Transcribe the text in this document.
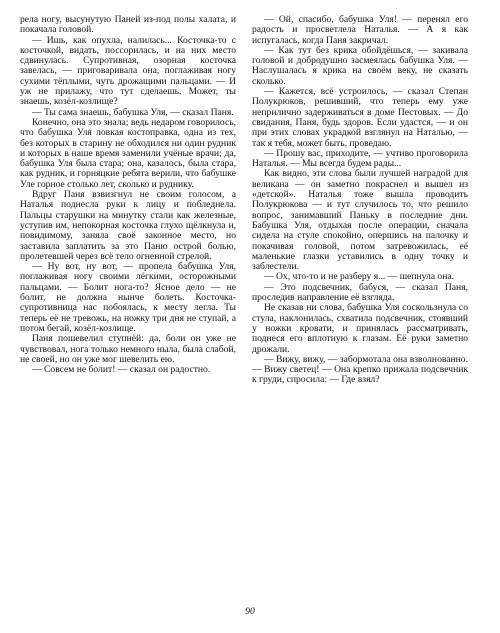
рела ногу, высунутую Паней из-под полы халата, и покачала головой.

— Ишь, как опухла, налилась... Косточка-то с косточкой, видать, поссорилась, и на них место сдвинулась. Супротивная, озорная косточка завелась, — приговаривала она, поглаживая ногу сухими тёплыми, чуть дрожащими пальцами. — И уж не прилажу, что тут сделаешь. Может, ты знаешь, козёл-козлище?

— Ты сама знаешь, бабушка Уля, — сказал Паня.

Конечно, она это знала; ведь недаром говорилось, что бабушка Уля ловкая костоправка, одна из тех, без которых в старину не обходился ни один рудник и которых в наше время заменили учёные врачи; да, бабушка Уля была стара; она, казалось, была стара, как рудник, и горняцкие ребята верили, что бабушке Уле горное столько лет, сколько и руднику.

Вдруг Паня взвизгнул не своим голосом, а Наталья поднесла руки к лицу и побледнела. Пальцы старушки на минутку стали как железные, уступив им, непокорная косточка глухо щёлкнула и, повидимому, заняла своё законное место, но заставила заплатить за это Паню острой болью, пролетевшей через всё тело огненной стрелой.

— Ну вот, ну вот, — пропела бабушка Уля, поглаживая ногу своими лёгкими, осторожными пальцами. — Болит нога-то? Ясное дело — не болит, не должна нынче болеть. Косточка-супротивница нас побоялась, к месту легла. Ты теперь её не тревожь, на ножку три дня не ступай, а потом бегай, козёл-козлище.

Паня пошевелил ступнёй: да, боли он уже не чувствовал, нога только немного ныла, была слабой, не своей, но он уже мог шевелить ею.

— Совсем не болит! — сказал он радостно.

— Ой, спасибо, бабушка Уля! — перенял его радость и просветлела Наталья. — А я как испугалась, когда Паня закричал.

— Как тут без крика обойдёшься, — закивала головой и добродушно засмеялась бабушка Уля. — Наслушалась я крика на своём веку, не сказать сколько.

— Кажется, всё устроилось, — сказал Степан Полукрюков, решивший, что теперь ему уже неприлично задерживаться в доме Пестовых. — До свидания, Паня, будь здоров. Если удастся, — и он при этих словах украдкой взглянул на Наталью, — так я тебя, может быть, проведаю.

— Прошу вас, приходите, — учтиво проговорила Наталья. — Мы всегда будем рады...

Как видно, эти слова были лучшей наградой для великана — он заметно покраснел и вышел из «детской». Наталья тоже вышла проводить Полукрюкова — и тут случилось то, что решило вопрос, занимавший Паньку в последние дни. Бабушка Уля, отдыхая после операции, сначала сидела на стуле спокойно, опершись на палочку и покачивая головой, потом затревожилась, её маленькие глазки уставились в одну точку и заблестели.

— Ох, что-то и не разберу я... — шепнула она.

— Это подсвечник, бабуся, — сказал Паня, проследив направление её взгляда.

Не сказав ни слова, бабушка Уля соскользнула со стула, наклонилась, схватила подсвечник, стоявший у ножки кровати, и принялась рассматривать, поднеся его вплотную к глазам. Её руки заметно дрожали.

— Вижу, вижу, — забормотала она взволнованно. — Вижу светец! — Она крепко прижала подсвечник к груди, спросила: — Где взял?

90
